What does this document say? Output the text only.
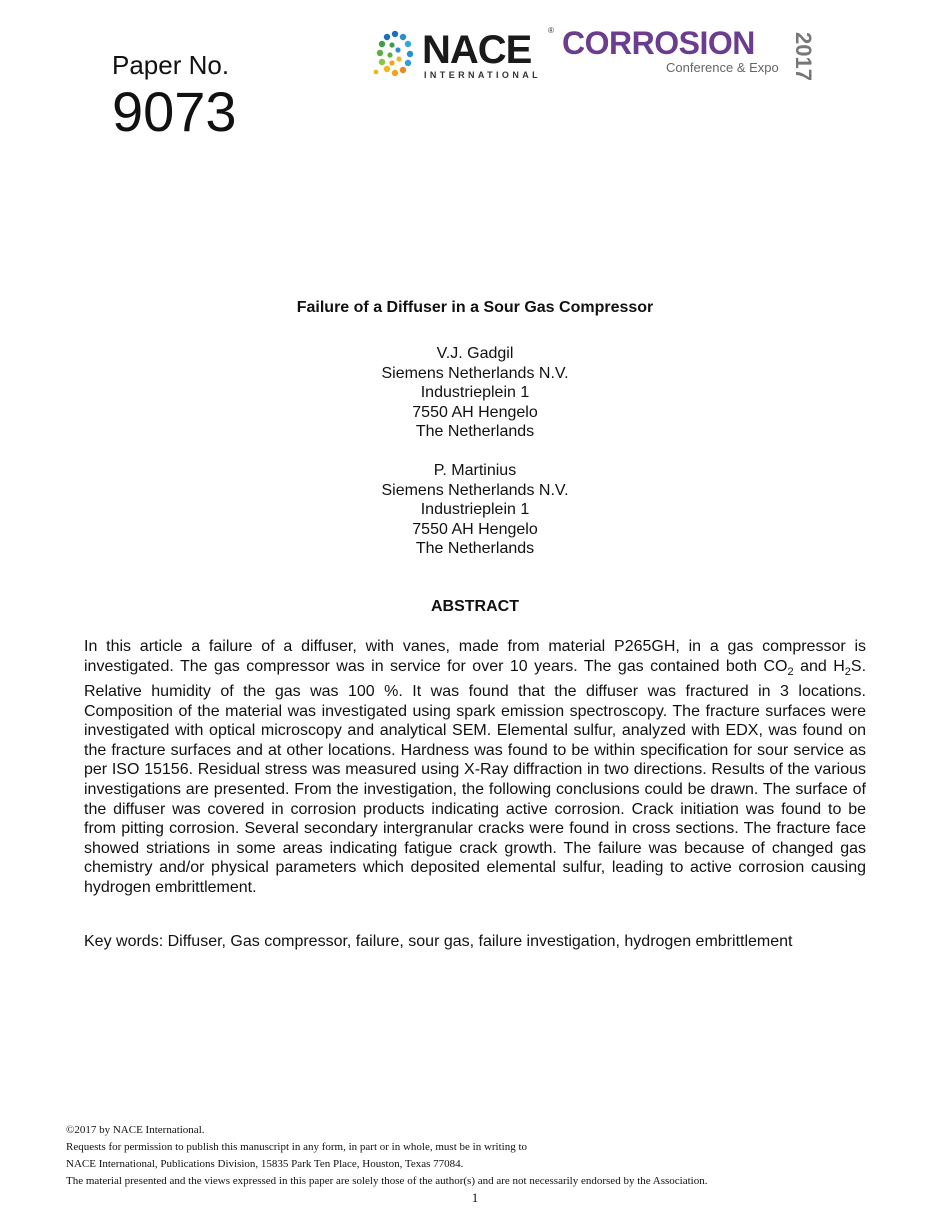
Paper No.
9073
NACE ®
INTERNATIONAL
CORROSION
Conference & Expo 2017
Failure of a Diffuser in a Sour Gas Compressor
V.J. Gadgil
Siemens Netherlands N.V.
Industrieplein 1
7550 AH Hengelo
The Netherlands
P. Martinius
Siemens Netherlands N.V.
Industrieplein 1
7550 AH Hengelo
The Netherlands
ABSTRACT
In this article a failure of a diffuser, with vanes, made from material P265GH, in a gas compressor is investigated. The gas compressor was in service for over 10 years. The gas contained both $CO_2$ and $H_2S$. Relative humidity of the gas was 100 %. It was found that the diffuser was fractured in 3 locations. Composition of the material was investigated using spark emission spectroscopy. The fracture surfaces were investigated with optical microscopy and analytical SEM. Elemental sulfur, analyzed with EDX, was found on the fracture surfaces and at other locations. Hardness was found to be within specification for sour service as per ISO 15156. Residual stress was measured using X-Ray diffraction in two directions. Results of the various investigations are presented. From the investigation, the following conclusions could be drawn. The surface of the diffuser was covered in corrosion products indicating active corrosion. Crack initiation was found to be from pitting corrosion. Several secondary intergranular cracks were found in cross sections. The fracture face showed striations in some areas indicating fatigue crack growth. The failure was because of changed gas chemistry and/or physical parameters which deposited elemental sulfur, leading to active corrosion causing hydrogen embrittlement.
Key words: Diffuser, Gas compressor, failure, sour gas, failure investigation, hydrogen embrittlement
©2017 by NACE International.
Requests for permission to publish this manuscript in any form, in part or in whole, must be in writing to
NACE International, Publications Division, 15835 Park Ten Place, Houston, Texas 77084.
The material presented and the views expressed in this paper are solely those of the author(s) and are not necessarily endorsed by the Association.
1
